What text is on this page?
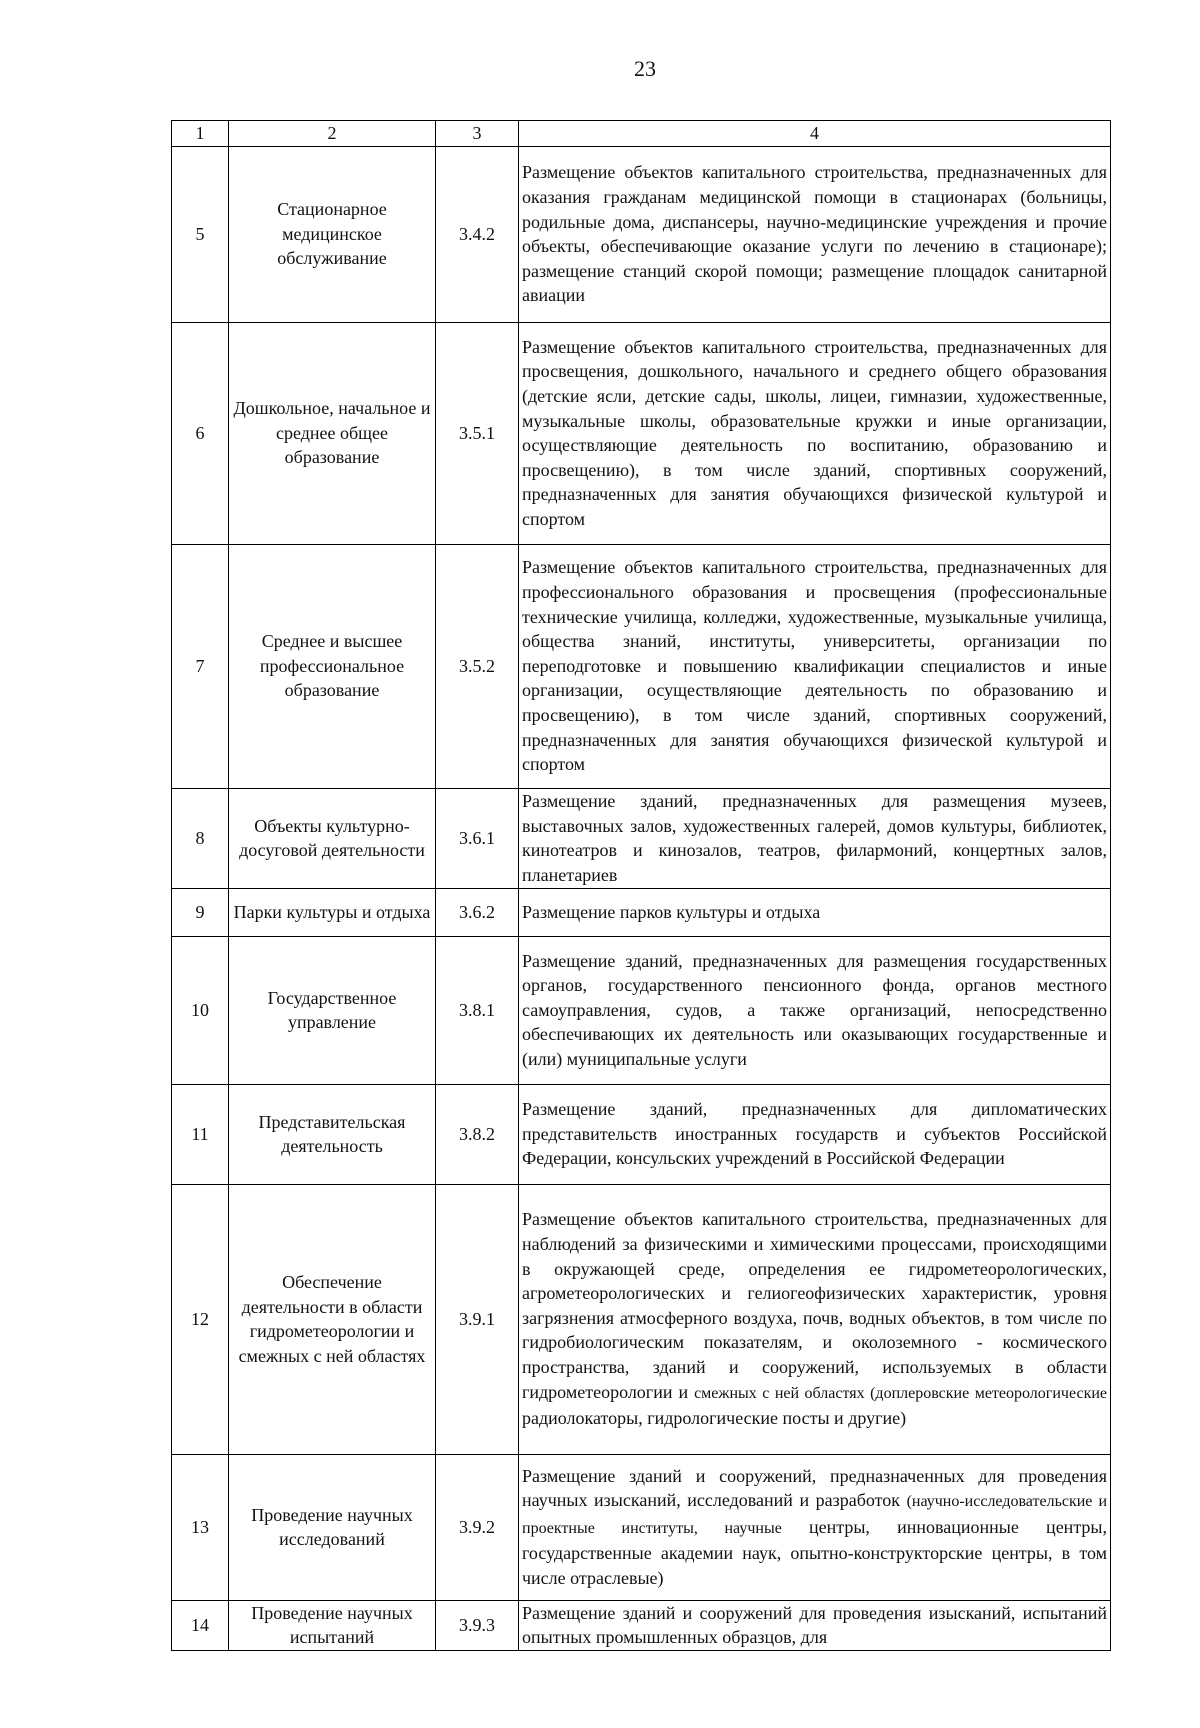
23
1	2	3	4
5	Стационарное медицинское обслуживание	3.4.2	Размещение объектов капитального строительства, предназначенных для оказания гражданам медицинской помощи в стационарах (больницы, родильные дома, диспансеры, научно-медицинские учреждения и прочие объекты, обеспечивающие оказание услуги по лечению в стационаре); размещение станций скорой помощи; размещение площадок санитарной авиации
6	Дошкольное, начальное и среднее общее образование	3.5.1	Размещение объектов капитального строительства, предназначенных для просвещения, дошкольного, начального и среднего общего образования (детские ясли, детские сады, школы, лицеи, гимназии, художественные, музыкальные школы, образовательные кружки и иные организации, осуществляющие деятельность по воспитанию, образованию и просвещению), в том числе зданий, спортивных сооружений, предназначенных для занятия обучающихся физической культурой и спортом
7	Среднее и высшее профессиональное образование	3.5.2	Размещение объектов капитального строительства, предназначенных для профессионального образования и просвещения (профессиональные технические училища, колледжи, художественные, музыкальные училища, общества знаний, институты, университеты, организации по переподготовке и повышению квалификации специалистов и иные организации, осуществляющие деятельность по образованию и просвещению), в том числе зданий, спортивных сооружений, предназначенных для занятия обучающихся физической культурой и спортом
8	Объекты культурно-досуговой деятельности	3.6.1	Размещение зданий, предназначенных для размещения музеев, выставочных залов, художественных галерей, домов культуры, библиотек, кинотеатров и кинозалов, театров, филармоний, концертных залов, планетариев
9	Парки культуры и отдыха	3.6.2	Размещение парков культуры и отдыха
10	Государственное управление	3.8.1	Размещение зданий, предназначенных для размещения государственных органов, государственного пенсионного фонда, органов местного самоуправления, судов, а также организаций, непосредственно обеспечивающих их деятельность или оказывающих государственные и (или) муниципальные услуги
11	Представительская деятельность	3.8.2	Размещение зданий, предназначенных для дипломатических представительств иностранных государств и субъектов Российской Федерации, консульских учреждений в Российской Федерации
12	Обеспечение деятельности в области гидрометеорологии и смежных с ней областях	3.9.1	Размещение объектов капитального строительства, предназначенных для наблюдений за физическими и химическими процессами, происходящими в окружающей среде, определения ее гидрометеорологических, агрометеорологических и гелиогеофизических характеристик, уровня загрязнения атмосферного воздуха, почв, водных объектов, в том числе по гидробиологическим показателям, и околоземного - космического пространства, зданий и сооружений, используемых в области гидрометеорологии и смежных с ней областях (доплеровские метеорологические радиолокаторы, гидрологические посты и другие)
13	Проведение научных исследований	3.9.2	Размещение зданий и сооружений, предназначенных для проведения научных изысканий, исследований и разработок (научно-исследовательские и проектные институты, научные центры, инновационные центры, государственные академии наук, опытно-конструкторские центры, в том числе отраслевые)
14	Проведение научных испытаний	3.9.3	Размещение зданий и сооружений для проведения изысканий, испытаний опытных промышленных образцов, для
